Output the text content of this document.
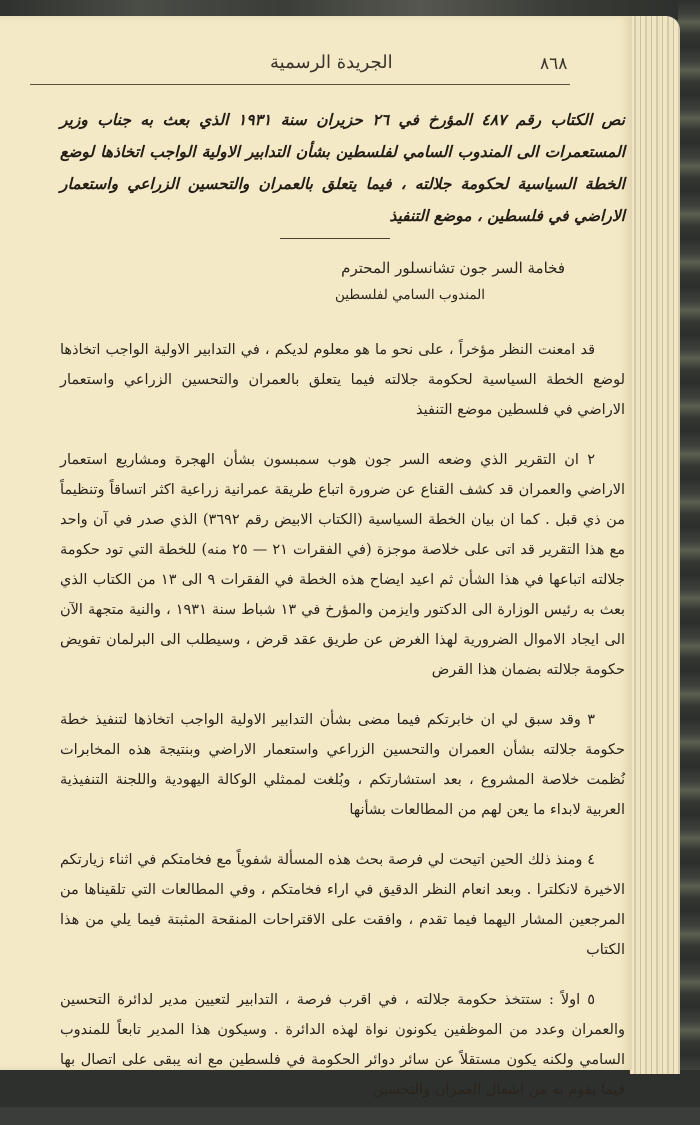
الجريدة الرسمية	٨٦٨

نص الكتاب رقم ٤٨٧ المؤرخ في ٢٦ حزيران سنة ١٩٣١ الذي بعث به جناب وزير المستعمرات الى المندوب السامي لفلسطين بشأن التدابير الاولية الواجب اتخاذها لوضع الخطة السياسية لحكومة جلالته ، فيما يتعلق بالعمران والتحسين الزراعي واستعمار الاراضي في فلسطين ، موضع التنفيذ

فخامة السر جون تشانسلور المحترم

المندوب السامي لفلسطين

قد امعنت النظر مؤخراً ، على نحو ما هو معلوم لديكم ، في التدابير الاولية الواجب اتخاذها لوضع الخطة السياسية لحكومة جلالته فيما يتعلق بالعمران والتحسين الزراعي واستعمار الاراضي في فلسطين موضع التنفيذ

٢ ان التقرير الذي وضعه السر جون هوب سمبسون بشأن الهجرة ومشاريع استعمار الاراضي والعمران قد كشف القناع عن ضرورة اتباع طريقة عمرانية زراعية اكثر اتساقاً وتنظيماً من ذي قبل . كما ان بيان الخطة السياسية (الكتاب الابيض رقم ٣٦٩٢) الذي صدر في آن واحد مع هذا التقرير قد اتى على خلاصة موجزة (في الفقرات ٢١ — ٢٥ منه) للخطة التي تود حكومة جلالته اتباعها في هذا الشأن ثم اعيد ايضاح هذه الخطة في الفقرات ٩ الى ١٣ من الكتاب الذي بعث به رئيس الوزارة الى الدكتور وايزمن والمؤرخ في ١٣ شباط سنة ١٩٣١ ، والنية متجهة الآن الى ايجاد الاموال الضرورية لهذا الغرض عن طريق عقد قرض ، وسيطلب الى البرلمان تفويض حكومة جلالته بضمان هذا القرض

٣ وقد سبق لي ان خابرتكم فيما مضى بشأن التدابير الاولية الواجب اتخاذها لتنفيذ خطة حكومة جلالته بشأن العمران والتحسين الزراعي واستعمار الاراضي وبنتيجة هذه المخابرات نُظمت خلاصة المشروع ، بعد استشارتكم ، وبُلغت لممثلي الوكالة اليهودية واللجنة التنفيذية العربية لابداء ما يعن لهم من المطالعات بشأنها

٤ ومنذ ذلك الحين اتيحت لي فرصة بحث هذه المسألة شفوياً مع فخامتكم في اثناء زيارتكم الاخيرة لانكلترا . وبعد انعام النظر الدقيق في اراء فخامتكم ، وفي المطالعات التي تلقيناها من المرجعين المشار اليهما فيما تقدم ، وافقت على الاقتراحات المنقحة المثبتة فيما يلي من هذا الكتاب

٥ اولاً : ستتخذ حكومة جلالته ، في اقرب فرصة ، التدابير لتعيين مدير لدائرة التحسين والعمران وعدد من الموظفين يكونون نواة لهذه الدائرة . وسيكون هذا المدير تابعاً للمندوب السامي ولكنه يكون مستقلاً عن سائر دوائر الحكومة في فلسطين مع انه يبقى على اتصال بها فيما يقوم به من اشغال العمران والتحسين
